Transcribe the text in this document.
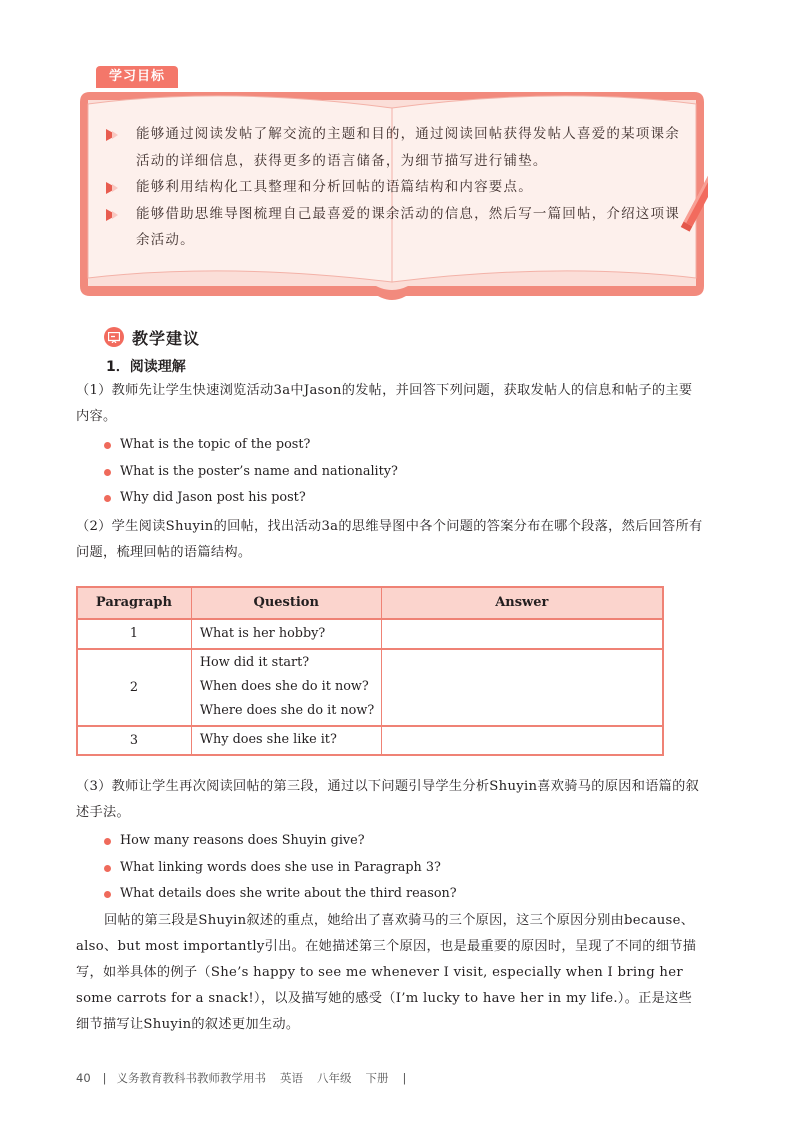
学习目标
能够通过阅读发帖了解交流的主题和目的，通过阅读回帖获得发帖人喜爱的某项课余活动的详细信息，获得更多的语言储备，为细节描写进行铺垫。
能够利用结构化工具整理和分析回帖的语篇结构和内容要点。
能够借助思维导图梳理自己最喜爱的课余活动的信息，然后写一篇回帖，介绍这项课余活动。
教学建议
1．阅读理解

（1）教师先让学生快速浏览活动3a中Jason的发帖，并回答下列问题，获取发帖人的信息和帖子的主要内容。

What is the topic of the post?
What is the poster’s name and nationality?
Why did Jason post his post?

（2）学生阅读Shuyin的回帖，找出活动3a的思维导图中各个问题的答案分布在哪个段落，然后回答所有问题，梳理回帖的语篇结构。

Paragraph	Question	Answer
1	What is her hobby?	

2	How did it start?
When does she do it now?
Where does she do it now?	

3	Why does she like it?	

（3）教师让学生再次阅读回帖的第三段，通过以下问题引导学生分析Shuyin喜欢骑马的原因和语篇的叙述手法。

How many reasons does Shuyin give?
What linking words does she use in Paragraph 3?
What details does she write about the third reason?

回帖的第三段是Shuyin叙述的重点，她给出了喜欢骑马的三个原因，这三个原因分别由because、also、but most importantly引出。在她描述第三个原因，也是最重要的原因时，呈现了不同的细节描写，如举具体的例子（She’s happy to see me whenever I visit, especially when I bring her some carrots for a snack!），以及描写她的感受（I’m lucky to have her in my life.）。正是这些细节描写让Shuyin的叙述更加生动。

40 | 义务教育教科书教师教学用书 英语 八年级 下册 |
